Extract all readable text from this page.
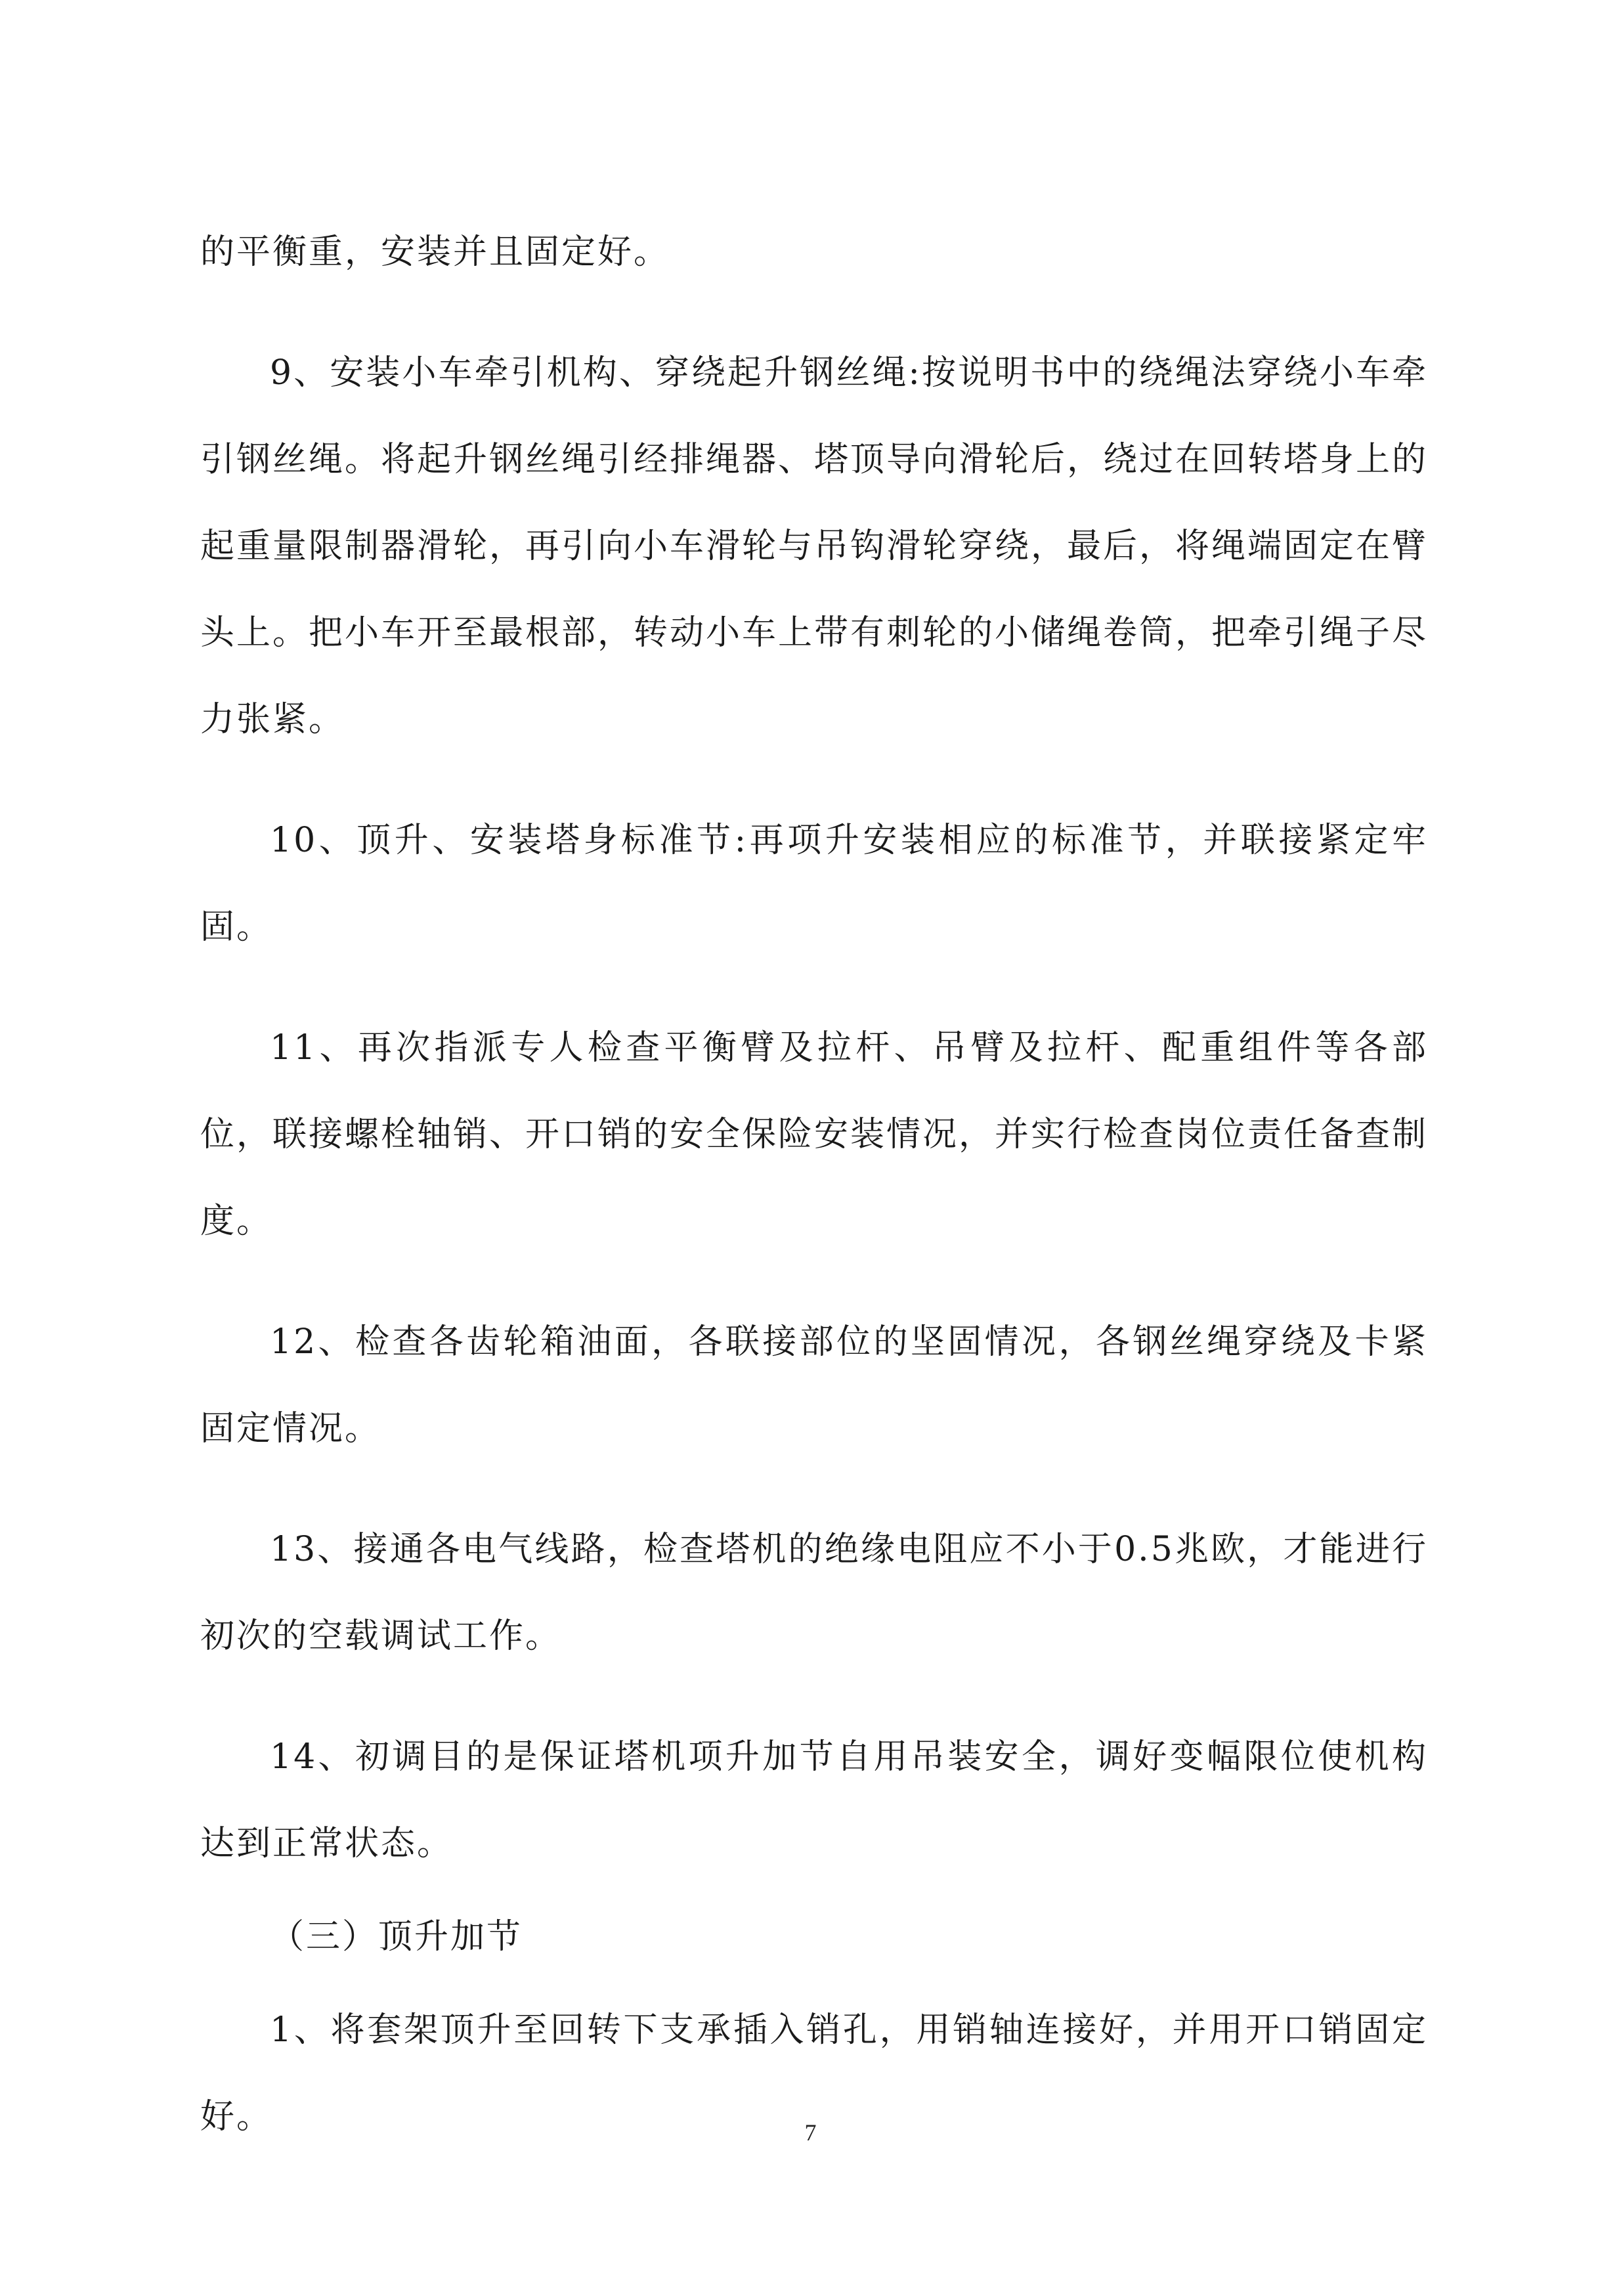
的平衡重，安装并且固定好。

9、安装小车牵引机构、穿绕起升钢丝绳:按说明书中的绕绳法穿绕小车牵引钢丝绳。将起升钢丝绳引经排绳器、塔顶导向滑轮后，绕过在回转塔身上的起重量限制器滑轮，再引向小车滑轮与吊钩滑轮穿绕，最后，将绳端固定在臂头上。把小车开至最根部，转动小车上带有刺轮的小储绳卷筒，把牵引绳子尽力张紧。

10、顶升、安装塔身标准节:再项升安装相应的标准节，并联接紧定牢固。

11、再次指派专人检查平衡臂及拉杆、吊臂及拉杆、配重组件等各部位，联接螺栓轴销、开口销的安全保险安装情况，并实行检查岗位责任备查制度。

12、检查各齿轮箱油面，各联接部位的坚固情况，各钢丝绳穿绕及卡紧固定情况。

13、接通各电气线路，检查塔机的绝缘电阻应不小于0.5兆欧，才能进行初次的空载调试工作。

14、初调目的是保证塔机项升加节自用吊装安全，调好变幅限位使机构达到正常状态。

（三）顶升加节

1、将套架顶升至回转下支承插入销孔，用销轴连接好，并用开口销固定好。	7
